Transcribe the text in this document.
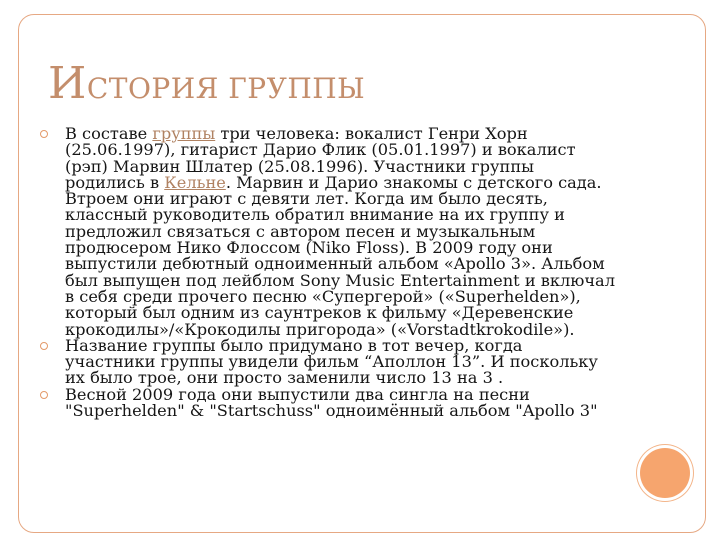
ИСТОРИЯ ГРУППЫ
В составе группы три человека: вокалист Генри Хорн (25.06.1997), гитарист Дарио Флик (05.01.1997) и вокалист (рэп) Марвин Шлатер (25.08.1996). Участники группы родились в Кельне. Марвин и Дарио знакомы с детского сада. Втроем они играют с девяти лет. Когда им было десять, классный руководитель обратил внимание на их группу и предложил связаться с автором песен и музыкальным продюсером Нико Флоссом (Niko Floss). В 2009 году они выпустили дебютный одноименный альбом «Apollo 3». Альбом был выпущен под лейблом Sony Music Entertainment и включал в себя среди прочего песню «Супергерой» («Superhelden»), который был одним из саунтреков к фильму «Деревенские крокодилы»/«Крокодилы пригорода» («Vorstadtkrokodile»).
Название группы было придумано в тот вечер, когда участники группы увидели фильм “Аполлон 13”. И поскольку их было трое, они просто заменили число 13 на 3 .
Весной 2009 года они выпустили два сингла на песни "Superhelden" & "Startschuss" одноимённый альбом "Apollo 3"
